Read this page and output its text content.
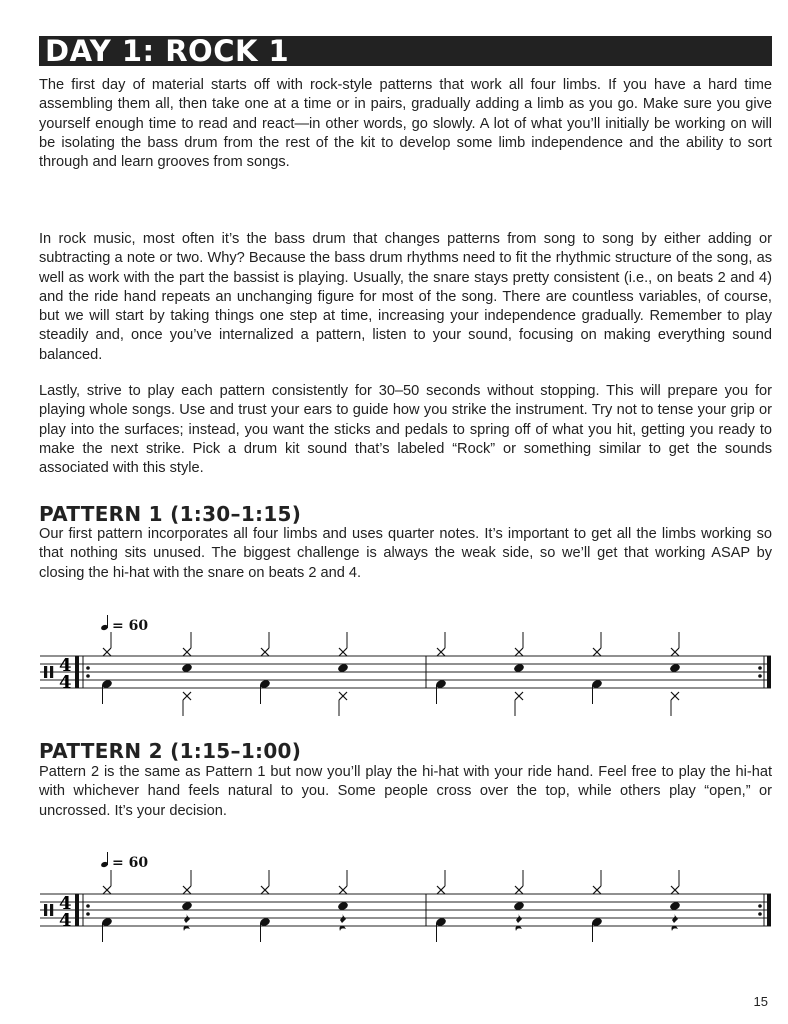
DAY 1: ROCK 1

The first day of material starts off with rock-style patterns that work all four limbs. If you have a hard time assembling them all, then take one at a time or in pairs, gradually adding a limb as you go. Make sure you give yourself enough time to read and react—in other words, go slowly. A lot of what you’ll initially be working on will be isolating the bass drum from the rest of the kit to develop some limb independence and the ability to sort through and learn grooves from songs.

In rock music, most often it’s the bass drum that changes patterns from song to song by either adding or subtracting a note or two. Why? Because the bass drum rhythms need to fit the rhythmic structure of the song, as well as work with the part the bassist is playing. Usually, the snare stays pretty consistent (i.e., on beats 2 and 4) and the ride hand repeats an unchanging figure for most of the song. There are countless variables, of course, but we will start by taking things one step at time, increasing your independence gradually. Remember to play steadily and, once you’ve internalized a pattern, listen to your sound, focusing on making everything sound balanced.

Lastly, strive to play each pattern consistently for 30–50 seconds without stopping. This will prepare you for playing whole songs. Use and trust your ears to guide how you strike the instrument. Try not to tense your grip or play into the surfaces; instead, you want the sticks and pedals to spring off of what you hit, getting you ready to make the next strike. Pick a drum kit sound that’s labeled “Rock” or something similar to get the sounds associated with this style.

PATTERN 1 (1:30–1:15)

Our first pattern incorporates all four limbs and uses quarter notes. It’s important to get all the limbs working so that nothing sits unused. The biggest challenge is always the weak side, so we’ll get that working ASAP by closing the hi-hat with the snare on beats 2 and 4.

= 60
4
4
PATTERN 2 (1:15–1:00)

Pattern 2 is the same as Pattern 1 but now you’ll play the hi-hat with your ride hand. Feel free to play the hi-hat with whichever hand feels natural to you. Some people cross over the top, while others play “open,” or uncrossed. It’s your decision.

= 60
4
4
15
